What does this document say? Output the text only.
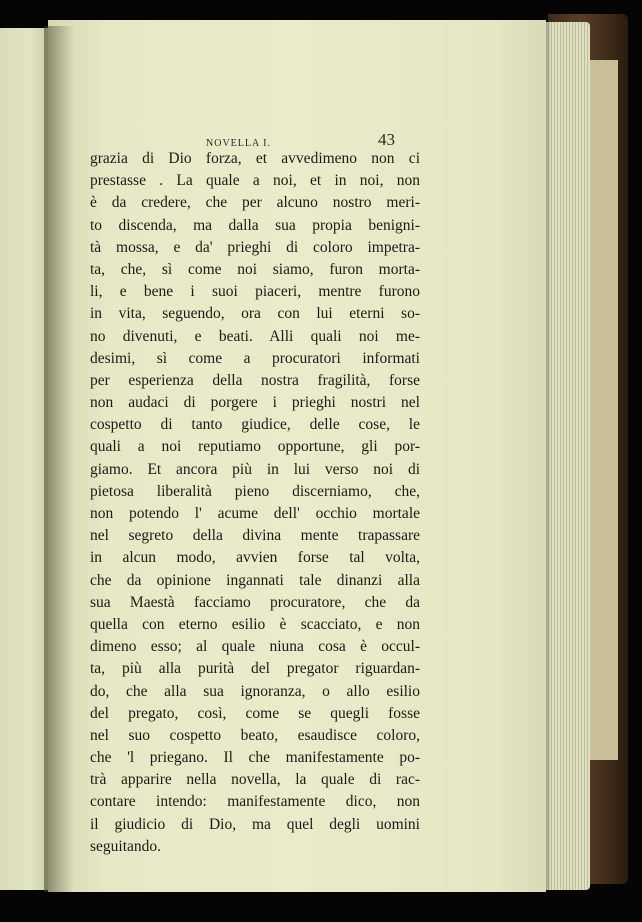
NOVELLA I.	43
grazia di Dio forza, et avvedimeno non ci
prestasse . La quale a noi, et in noi, non
è da credere, che per alcuno nostro meri-
to discenda, ma dalla sua propia benigni-
tà mossa, e da' prieghi di coloro impetra-
ta, che, sì come noi siamo, furon morta-
li, e bene i suoi piaceri, mentre furono
in vita, seguendo, ora con lui eterni so-
no divenuti, e beati. Alli quali noi me-
desimi, sì come a procuratori informati
per esperienza della nostra fragilità, forse
non audaci di porgere i prieghi nostri nel
cospetto di tanto giudice, delle cose, le
quali a noi reputiamo opportune, gli por-
giamo. Et ancora più in lui verso noi di
pietosa liberalità pieno discerniamo, che,
non potendo l' acume dell' occhio mortale
nel segreto della divina mente trapassare
in alcun modo, avvien forse tal volta,
che da opinione ingannati tale dinanzi alla
sua Maestà facciamo procuratore, che da
quella con eterno esilio è scacciato, e non
dimeno esso; al quale niuna cosa è occul-
ta, più alla purità del pregator riguardan-
do, che alla sua ignoranza, o allo esilio
del pregato, così, come se quegli fosse
nel suo cospetto beato, esaudisce coloro,
che 'l priegano. Il che manifestamente po-
trà apparire nella novella, la quale di rac-
contare intendo: manifestamente dico, non
il giudicio di Dio, ma quel degli uomini
seguitando.
